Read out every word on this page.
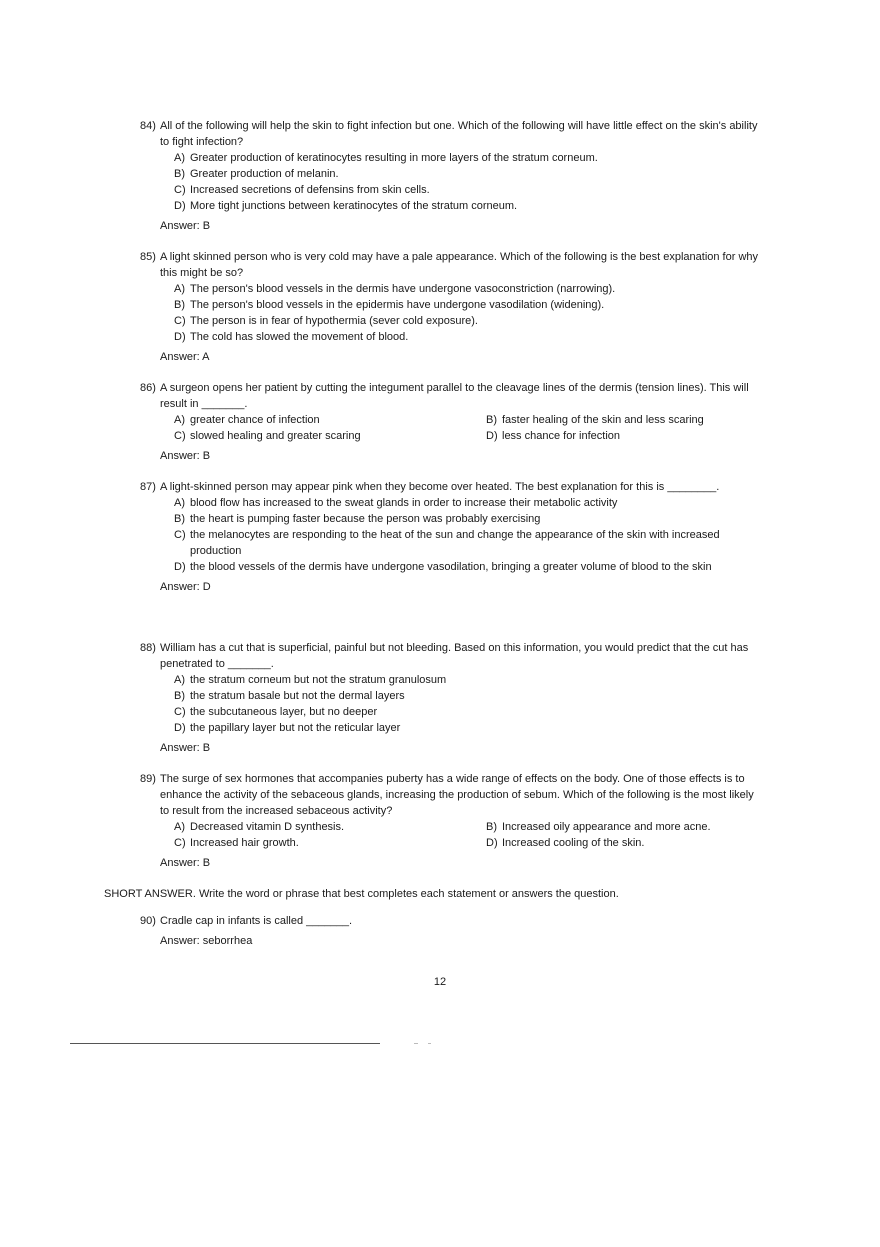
84) All of the following will help the skin to fight infection but one. Which of the following will have little effect on the skin's ability to fight infection?
A) Greater production of keratinocytes resulting in more layers of the stratum corneum.
B) Greater production of melanin.
C) Increased secretions of defensins from skin cells.
D) More tight junctions between keratinocytes of the stratum corneum.
Answer: B
85) A light skinned person who is very cold may have a pale appearance. Which of the following is the best explanation for why this might be so?
A) The person's blood vessels in the dermis have undergone vasoconstriction (narrowing).
B) The person's blood vessels in the epidermis have undergone vasodilation (widening).
C) The person is in fear of hypothermia (sever cold exposure).
D) The cold has slowed the movement of blood.
Answer: A
86) A surgeon opens her patient by cutting the integument parallel to the cleavage lines of the dermis (tension lines). This will result in _______.
A) greater chance of infection	B) faster healing of the skin and less scaring
C) slowed healing and greater scaring	D) less chance for infection
Answer: B
87) A light-skinned person may appear pink when they become over heated. The best explanation for this is ________.
A) blood flow has increased to the sweat glands in order to increase their metabolic activity
B) the heart is pumping faster because the person was probably exercising
C) the melanocytes are responding to the heat of the sun and change the appearance of the skin with increased production
D) the blood vessels of the dermis have undergone vasodilation, bringing a greater volume of blood to the skin
Answer: D
88) William has a cut that is superficial, painful but not bleeding. Based on this information, you would predict that the cut has penetrated to _______.
A) the stratum corneum but not the stratum granulosum
B) the stratum basale but not the dermal layers
C) the subcutaneous layer, but no deeper
D) the papillary layer but not the reticular layer
Answer: B
89) The surge of sex hormones that accompanies puberty has a wide range of effects on the body. One of those effects is to enhance the activity of the sebaceous glands, increasing the production of sebum. Which of the following is the most likely to result from the increased sebaceous activity?
A) Decreased vitamin D synthesis.	B) Increased oily appearance and more acne.
C) Increased hair growth.	D) Increased cooling of the skin.
Answer: B
SHORT ANSWER. Write the word or phrase that best completes each statement or answers the question.
90) Cradle cap in infants is called _______.
Answer: seborrhea
12
